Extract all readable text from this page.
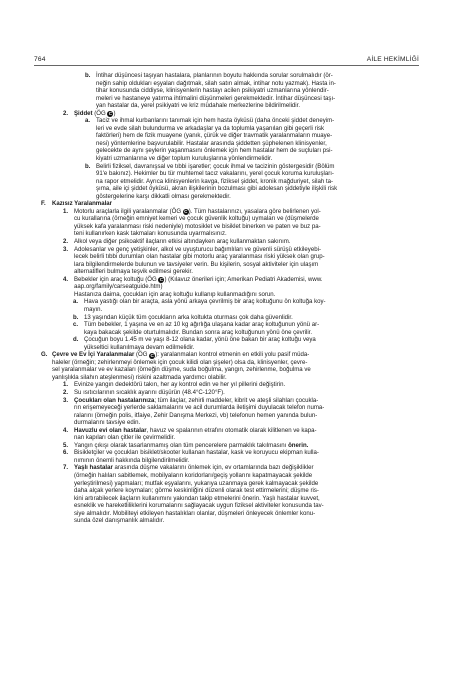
764	AİLE HEKİMLİĞİ
b. İntihar düşüncesi taşıyan hastalara, planlarının boyutu hakkında sorular sorulmalıdır (ör-
neğin sahip oldukları eşyaları dağıtmak, silah satın almak, intihar notu yazmak). Hasta in-
tihar konusunda ciddiyse, klinisyenlerin hastayı acilen psikiyatri uzmanlarına yönlendir-
meleri ve hastaneye yatırma ihtimalini düşünmeleri gerekmektedir. İntihar düşüncesi taşı-
yan hastalar da, yerel psikiyatri ve kriz müdahale merkezlerine bildirilmelidir.
2. Şiddet (ÖG C)
a. Taciz ve ihmal kurbanlarını tanımak için hem hasta öyküsü (daha önceki şiddet deneyim-
leri ve evde silah bulundurma ve arkadaşlar ya da toplumla yaşanılan gibi geçerli risk
faktörleri) hem de fizik muayene (yanık, çürük ve diğer travmatik yaralanmaların muaye-
nesi) yöntemlerine başvurulabilir. Hastalar arasında şiddetten şüphelenen klinisyenler,
gelecekte de aynı şeylerin yaşanmasını önlemek için hem hastalar hem de suçluları psi-
kiyatri uzmanlarına ve diğer toplum kuruluşlarına yönlendirmelidir.
b. Belirli fiziksel, davranışsal ve tıbbi işaretler; çocuk ihmal ve tacizinin göstergesidir (Bölüm
91'e bakınız). Hekimler bu tür muhtemel tacız vakalarını, yerel çocuk koruma kuruluşları-
na rapor etmelidir. Ayrıca klinisyenlerin kavga, fiziksel şiddet, kronik mağduriyet, silah ta-
şıma, aile içi şiddet öyküsü, akran ilişkilerinin bozulması gibi adolesan şiddetiyle ilişkili risk
göstergelerine karşı dikkatli olması gerekmektedir.
F. Kazısız Yaralanmalar
1. Motorlu araçlarla ilgili yaralanmalar (ÖG C). Tüm hastalarınızı, yasalara göre belirlenen yol-
cu kurallarına (örneğin emniyet kemeri ve çocuk güvenlik koltuğu) uymaları ve (düşmelerde
yüksek kafa yaralanması riski nedeniyle) motosiklet ve bisiklet binerken ve paten ve buz pa-
teni kullanırken kask takmaları konusunda uyarmalısınız.
2. Alkol veya diğer psikoaktif ilaçların etkisi altındayken araç kullanmaktan sakınım.
3. Adolesanlar ve genç yetişkinler, alkol ve uyuşturucu bağımlıları ve güvenli sürüşü etkileyebi-
lecek belirli tıbbi durumları olan hastalar gibi motorlu araç yaralanması riski yüksek olan grup-
lara bilgilendirmelerde bulunun ve tavsiyeler verin. Bu kişilerin, sosyal aktiviteler için ulaşım
alternatifleri bulmaya teşvik edilmesi gerekir.
4. Bebekler için araç koltuğu (ÖG C) (Kılavuz önerileri için; Amerikan Pediatri Akademisi, www.
aap.org/family/carseatguide.htm)
Hastanıza daima, çocukları için araç koltuğu kullanıp kullanmadığını sorun.
a. Hava yastığı olan bir araçta, asla yönü arkaya çevrilmiş bir araç koltuğunu ön koltuğa koy-
mayın.
b. 13 yaşından küçük tüm çocukların arka koltukta oturması çok daha güvenlidir.
c. Tüm bebekler, 1 yaşına ve en az 10 kg ağırlığa ulaşana kadar araç koltuğunun yönü ar-
kaya bakacak şekilde oturtulmalıdır. Bundan sonra araç koltuğunun yönü öne çevrilir.
d. Çocuğun boyu 1.45 m ve yaşı 8-12 olana kadar, yönü öne bakan bir araç koltuğu veya
yükseltici kullanılmaya devam edilmelidir.
G. Çevre ve Ev İçi Yaralanmalar (ÖG C): yaralanmaları kontrol etmenin en etkili yolu pasif müda-
haleler (örneğin; zehirlenmeyi önlemek için çocuk kilidi olan şişeler) olsa da, klinisyenler, çevre-
sel yaralanmalar ve ev kazaları (örneğin düşme, suda boğulma, yangın, zehirlenme, boğulma ve
yanlışlıkla silahın ateşlenmesi) riskini azaltmada yardımcı olabilir.
1. Evinize yangın dedektörü takın, her ay kontrol edin ve her yıl pillerini değiştirin.
2. Su ısıtıcılarının sıcaklık ayarını düşürün (48.4°C-120°F).
3. Çocukları olan hastalarınıza; tüm ilaçlar, zehirli maddeler, kibrit ve ateşli silahları çocukla-
rın erişemeyeceği yerlerde saklamalarını ve acil durumlarda iletişimi duyulacak telefon numa-
ralarını (örneğin polis, itfaiye, Zehir Danışma Merkezi, vb) telefonun hemen yanında bulun-
durmalarını tavsiye edin.
4. Havuzlu evi olan hastalar, havuz ve spalarının etrafını otomatik olarak kilitlenen ve kapa-
nan kapıları olan çitler ile çevirmelidir.
5. Yangın çıkışı olarak tasarlanmamış olan tüm pencerelere parmaklık takılmasını önerin.
6. Bisikletçiler ve çocukları bisiklet/skooter kullanan hastalar, kask ve koruyucu ekipman kulla-
nımının önemli hakkında bilgilendirilmelidir.
7. Yaşlı hastalar arasında düşme vakalarını önlemek için, ev ortamlarında bazı değişiklikler
(örneğin halıları sabitlemek, mobilyaların koridorları/geçiş yollarını kapatmayacak şekilde
yerleştirilmesi) yapmaları; mutfak eşyalarını, yukarıya uzanmaya gerek kalmayacak şekilde
daha alçak yerlere koymaları; görme keskinliğini düzenli olarak test ettirmelerini; düşme ris-
kini artırabilecek ilaçların kullanımını yakından takip etmelerini önerin. Yaşlı hastalar kuvvet,
esneklik ve hareketliliklerini korumalarını sağlayacak uygun fiziksel aktiviteler konusunda tav-
siye almalıdır. Mobiliteyi etkileyen hastalıkları olanlar, düşmeleri önleyecek önlemler konu-
sunda özel danışmanlık almalıdır.
